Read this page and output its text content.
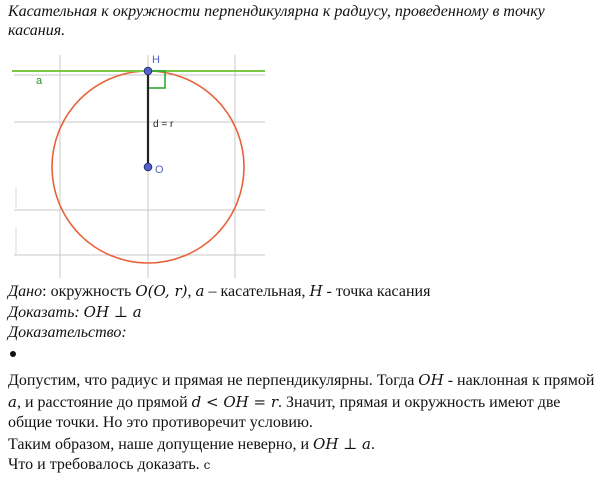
Касательная к окружности перпендикулярна к радиусу, проведенному в точку касания.
a
H
O
d = r
Дано: окружность O(O, r), a – касательная, H - точка касания
Доказать: OH ⊥ a
Доказательство:
Допустим, что радиус и прямая не перпендикулярны. Тогда OH - наклонная к прямой
a, и расстояние до прямой d < OH = r. Значит, прямая и окружность имеют две
общие точки. Но это противоречит условию.
Таким образом, наше допущение неверно, и OH ⊥ a.
Что и требовалось доказать. c
